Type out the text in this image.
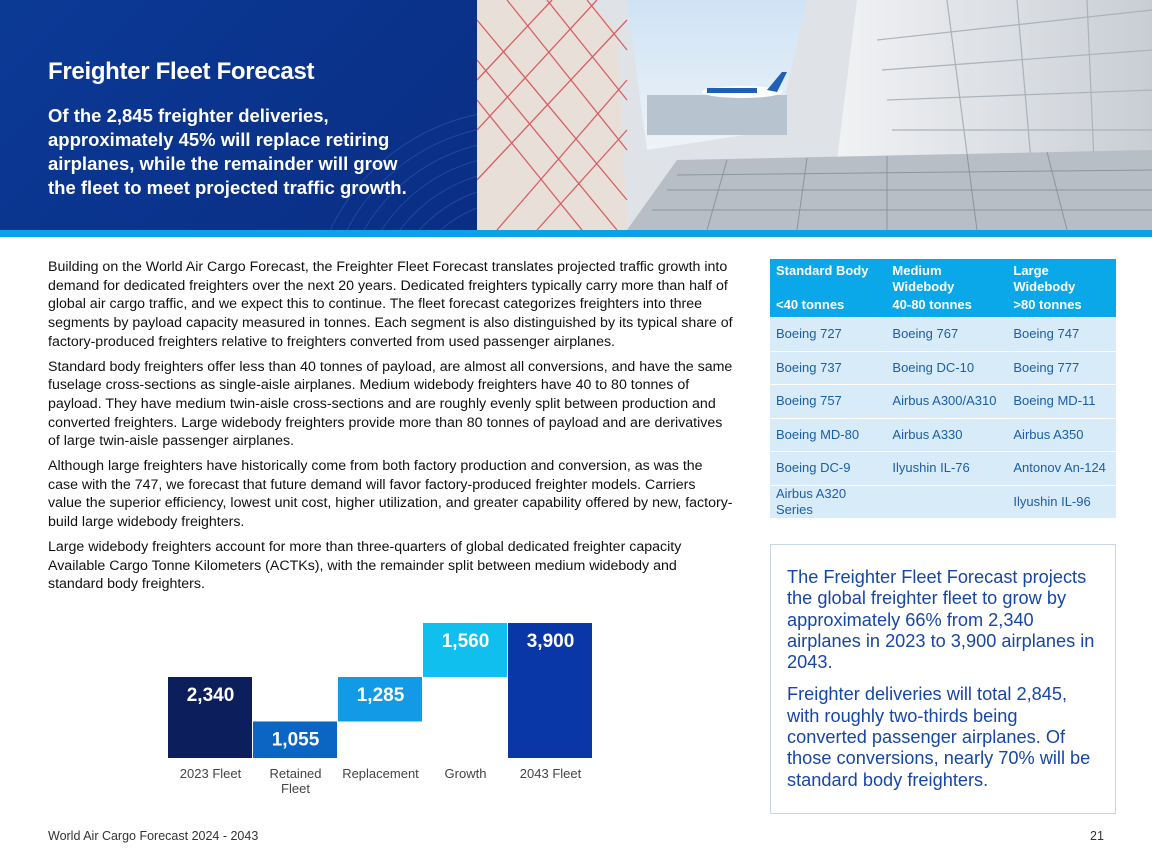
Freighter Fleet Forecast
Of the 2,845 freighter deliveries, approximately 45% will replace retiring airplanes, while the remainder will grow the fleet to meet projected traffic growth.

Building on the World Air Cargo Forecast, the Freighter Fleet Forecast translates projected traffic growth into demand for dedicated freighters over the next 20 years. Dedicated freighters typically carry more than half of global air cargo traffic, and we expect this to continue. The fleet forecast categorizes freighters into three segments by payload capacity measured in tonnes. Each segment is also distinguished by its typical share of factory-produced freighters relative to freighters converted from used passenger airplanes.

Standard body freighters offer less than 40 tonnes of payload, are almost all conversions, and have the same fuselage cross-sections as single-aisle airplanes. Medium widebody freighters have 40 to 80 tonnes of payload. They have medium twin-aisle cross-sections and are roughly evenly split between production and converted freighters. Large widebody freighters provide more than 80 tonnes of payload and are derivatives of large twin-aisle passenger airplanes.

Although large freighters have historically come from both factory production and conversion, as was the case with the 747, we forecast that future demand will favor factory-produced freighter models. Carriers value the superior efficiency, lowest unit cost, higher utilization, and greater capability offered by new, factory-build large widebody freighters.

Large widebody freighters account for more than three-quarters of global dedicated freighter capacity Available Cargo Tonne Kilometers (ACTKs), with the remainder split between medium widebody and standard body freighters.

2,340
2023 Fleet
1,055
Retained
Fleet
1,285
Replacement
1,560
Growth
3,900
2043 Fleet
Standard Body	Medium Widebody	Large Widebody
<40 tonnes	40-80 tonnes	>80 tonnes
Boeing 727	Boeing 767	Boeing 747
Boeing 737	Boeing DC-10	Boeing 777
Boeing 757	Airbus A300/A310	Boeing MD-11
Boeing MD-80	Airbus A330	Airbus A350
Boeing DC-9	Ilyushin IL-76	Antonov An-124
Airbus A320 Series		Ilyushin IL-96

The Freighter Fleet Forecast projects the global freighter fleet to grow by approximately 66% from 2,340 airplanes in 2023 to 3,900 airplanes in 2043.

Freighter deliveries will total 2,845, with roughly two-thirds being converted passenger airplanes. Of those conversions, nearly 70% will be standard body freighters.

World Air Cargo Forecast 2024 - 2043	21
